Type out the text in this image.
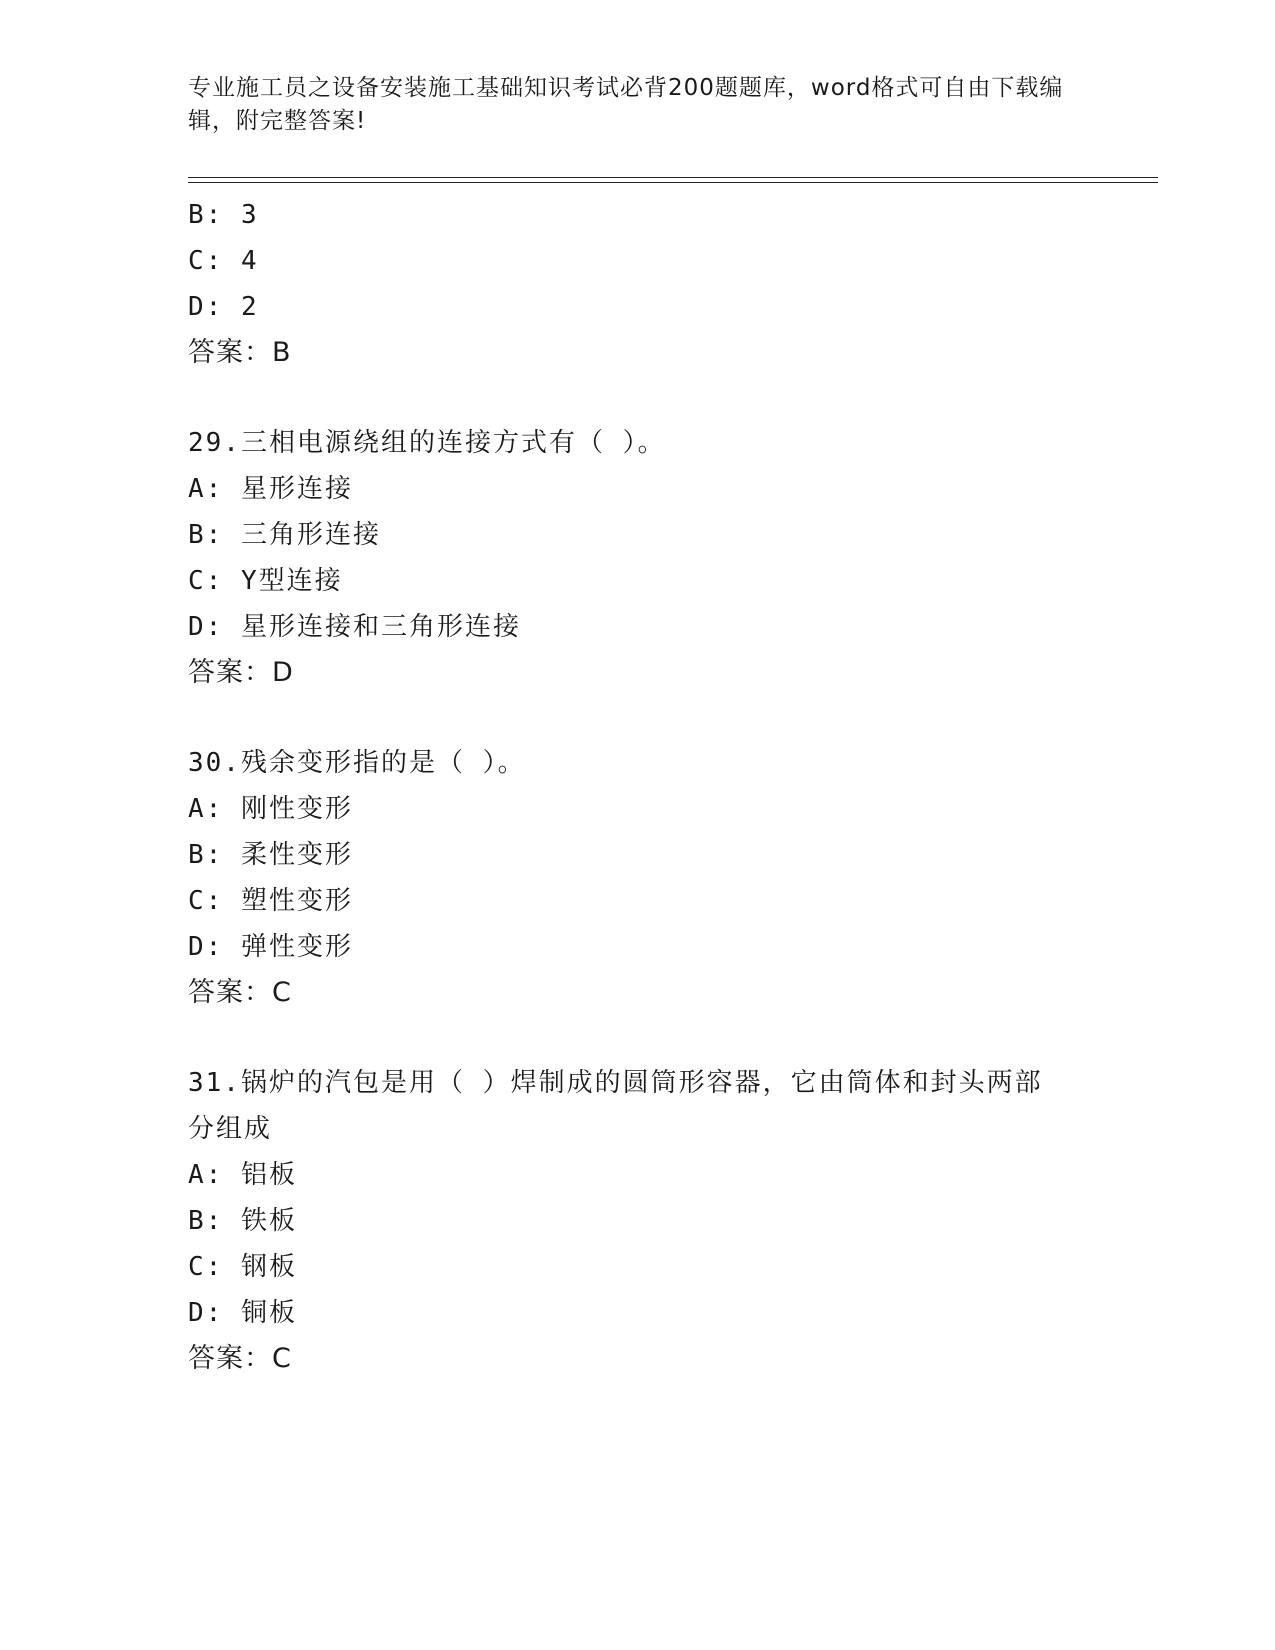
专业施工员之设备安装施工基础知识考试必背200题题库，word格式可自由下载编辑，附完整答案!
B: 3
C: 4
D: 2
答案：B
29.三相电源绕组的连接方式有（ ）。
A: 星形连接
B: 三角形连接
C: Y型连接
D: 星形连接和三角形连接
答案：D
30.残余变形指的是（ ）。
A: 刚性变形
B: 柔性变形
C: 塑性变形
D: 弹性变形
答案：C
31.锅炉的汽包是用（ ）焊制成的圆筒形容器，它由筒体和封头两部分组成
A: 铝板
B: 铁板
C: 钢板
D: 铜板
答案：C
